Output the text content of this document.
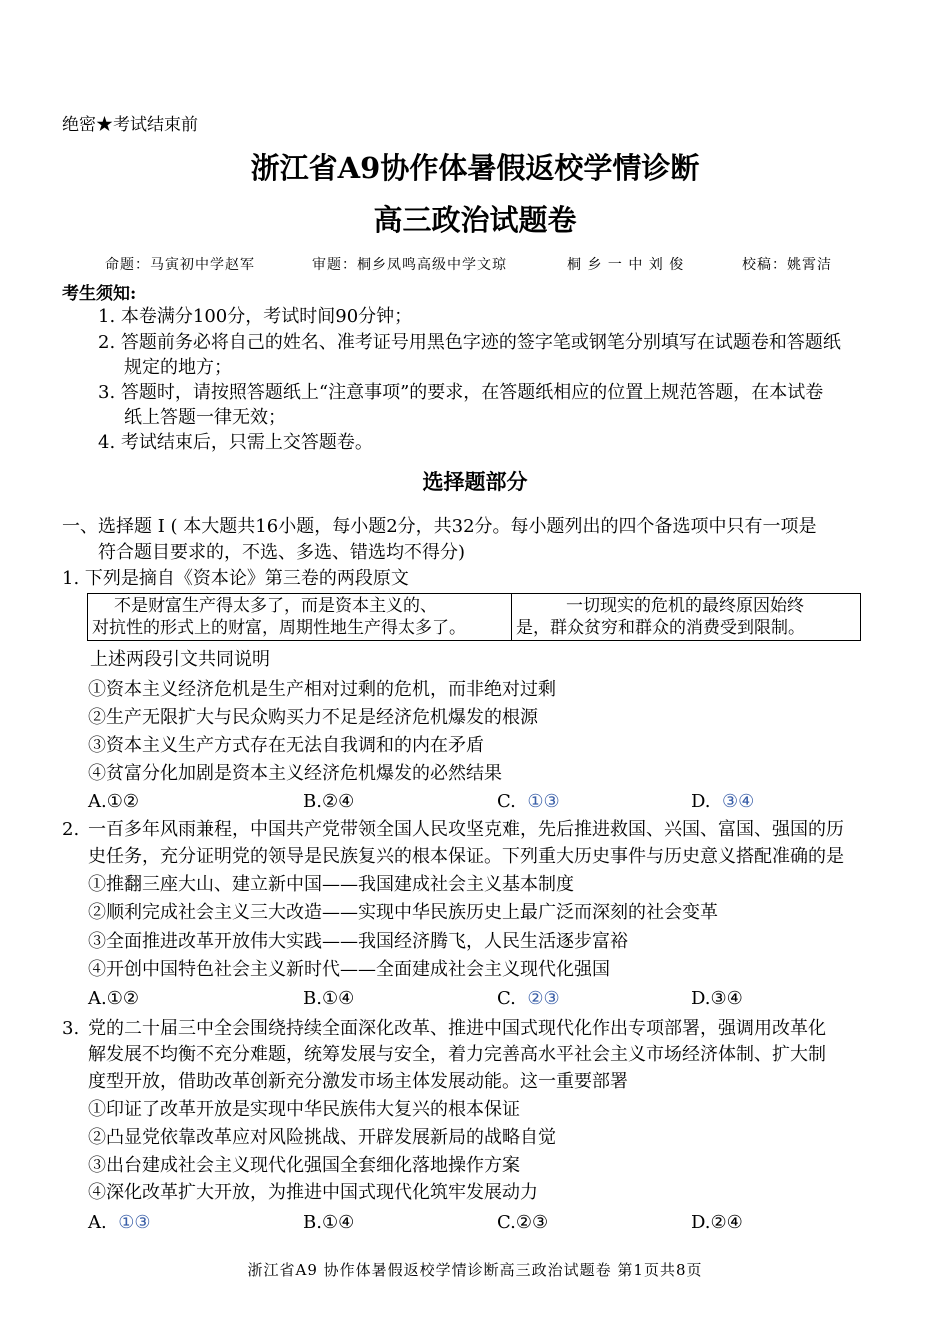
绝密★考试结束前
浙江省A9协作体暑假返校学情诊断
高三政治试题卷
命题：马寅初中学赵军	审题：桐乡凤鸣高级中学文琼	桐 乡 一 中 刘 俊	校稿：姚霄洁
考生须知:
1. 本卷满分100分，考试时间90分钟；
2. 答题前务必将自己的姓名、准考证号用黑色字迹的签字笔或钢笔分别填写在试题卷和答题纸
规定的地方；
3. 答题时，请按照答题纸上“注意事项”的要求，在答题纸相应的位置上规范答题，在本试卷
纸上答题一律无效；
4. 考试结束后，只需上交答题卷。
选择题部分
一、选择题 I ( 本大题共16小题，每小题2分，共32分。每小题列出的四个备选项中只有一项是
符合题目要求的，不选、多选、错选均不得分)
1. 下列是摘自《资本论》第三卷的两段原文
不是财富生产得太多了，而是资本主义的、
对抗性的形式上的财富，周期性地生产得太多了。

一切现实的危机的最终原因始终
是，群众贫穷和群众的消费受到限制。
上述两段引文共同说明
①资本主义经济危机是生产相对过剩的危机，而非绝对过剩
②生产无限扩大与民众购买力不足是经济危机爆发的根源
③资本主义生产方式存在无法自我调和的内在矛盾
④贫富分化加剧是资本主义经济危机爆发的必然结果
A.①②	B.②④	C. ①③	D. ③④
2. 一百多年风雨兼程，中国共产党带领全国人民攻坚克难，先后推进救国、兴国、富国、强国的历
史任务，充分证明党的领导是民族复兴的根本保证。下列重大历史事件与历史意义搭配准确的是
①推翻三座大山、建立新中国——我国建成社会主义基本制度
②顺利完成社会主义三大改造——实现中华民族历史上最广泛而深刻的社会变革
③全面推进改革开放伟大实践——我国经济腾飞，人民生活逐步富裕
④开创中国特色社会主义新时代——全面建成社会主义现代化强国
A.①②	B.①④	C. ②③	D.③④
3. 党的二十届三中全会围绕持续全面深化改革、推进中国式现代化作出专项部署，强调用改革化
解发展不均衡不充分难题，统筹发展与安全，着力完善高水平社会主义市场经济体制、扩大制
度型开放，借助改革创新充分激发市场主体发展动能。这一重要部署
①印证了改革开放是实现中华民族伟大复兴的根本保证
②凸显党依靠改革应对风险挑战、开辟发展新局的战略自觉
③出台建成社会主义现代化强国全套细化落地操作方案
④深化改革扩大开放，为推进中国式现代化筑牢发展动力
A. ①③	B.①④	C.②③	D.②④
浙江省A9 协作体暑假返校学情诊断高三政治试题卷 第1页共8页
